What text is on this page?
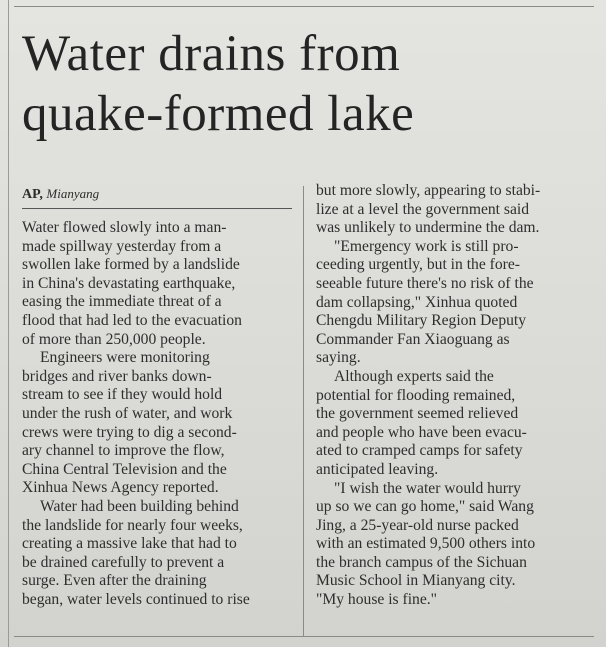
Water drains from
quake-formed lake
AP, Mianyang
Water flowed slowly into a man-
made spillway yesterday from a
swollen lake formed by a landslide
in China's devastating earthquake,
easing the immediate threat of a
flood that had led to the evacuation
of more than 250,000 people.
Engineers were monitoring
bridges and river banks down-
stream to see if they would hold
under the rush of water, and work
crews were trying to dig a second-
ary channel to improve the flow,
China Central Television and the
Xinhua News Agency reported.
Water had been building behind
the landslide for nearly four weeks,
creating a massive lake that had to
be drained carefully to prevent a
surge. Even after the draining
began, water levels continued to rise
but more slowly, appearing to stabi-
lize at a level the government said
was unlikely to undermine the dam.
"Emergency work is still pro-
ceeding urgently, but in the fore-
seeable future there's no risk of the
dam collapsing," Xinhua quoted
Chengdu Military Region Deputy
Commander Fan Xiaoguang as
saying.
Although experts said the
potential for flooding remained,
the government seemed relieved
and people who have been evacu-
ated to cramped camps for safety
anticipated leaving.
"I wish the water would hurry
up so we can go home," said Wang
Jing, a 25-year-old nurse packed
with an estimated 9,500 others into
the branch campus of the Sichuan
Music School in Mianyang city.
"My house is fine."
